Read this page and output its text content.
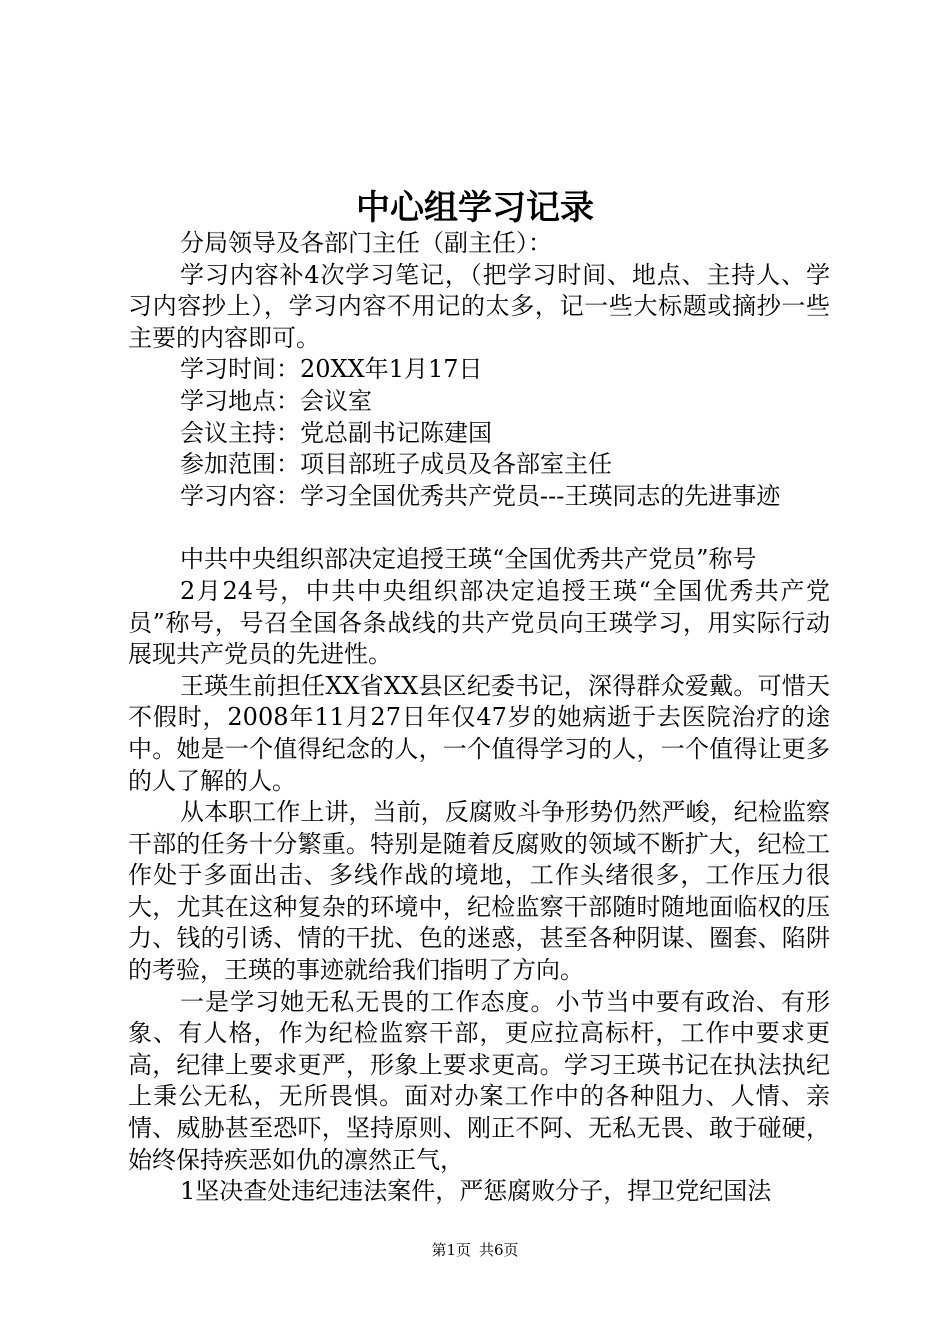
中心组学习记录

分局领导及各部门主任（副主任）：

学习内容补4次学习笔记，（把学习时间、地点、主持人、学习内容抄上），学习内容不用记的太多，记一些大标题或摘抄一些主要的内容即可。

学习时间：20XX年1月17日

学习地点：会议室

会议主持：党总副书记陈建国

参加范围：项目部班子成员及各部室主任

学习内容：学习全国优秀共产党员---王瑛同志的先进事迹

中共中央组织部决定追授王瑛“全国优秀共产党员”称号

2月24号，中共中央组织部决定追授王瑛“全国优秀共产党员”称号，号召全国各条战线的共产党员向王瑛学习，用实际行动展现共产党员的先进性。

王瑛生前担任XX省XX县区纪委书记，深得群众爱戴。可惜天不假时，2008年11月27日年仅47岁的她病逝于去医院治疗的途中。她是一个值得纪念的人，一个值得学习的人，一个值得让更多的人了解的人。

从本职工作上讲，当前，反腐败斗争形势仍然严峻，纪检监察干部的任务十分繁重。特别是随着反腐败的领域不断扩大，纪检工作处于多面出击、多线作战的境地，工作头绪很多，工作压力很大，尤其在这种复杂的环境中，纪检监察干部随时随地面临权的压力、钱的引诱、情的干扰、色的迷惑，甚至各种阴谋、圈套、陷阱的考验，王瑛的事迹就给我们指明了方向。

一是学习她无私无畏的工作态度。小节当中要有政治、有形象、有人格，作为纪检监察干部，更应拉高标杆，工作中要求更高，纪律上要求更严，形象上要求更高。学习王瑛书记在执法执纪上秉公无私，无所畏惧。面对办案工作中的各种阻力、人情、亲情、威胁甚至恐吓，坚持原则、刚正不阿、无私无畏、敢于碰硬，始终保持疾恶如仇的凛然正气，

1坚决查处违纪违法案件，严惩腐败分子，捍卫党纪国法

第1页 共6页
